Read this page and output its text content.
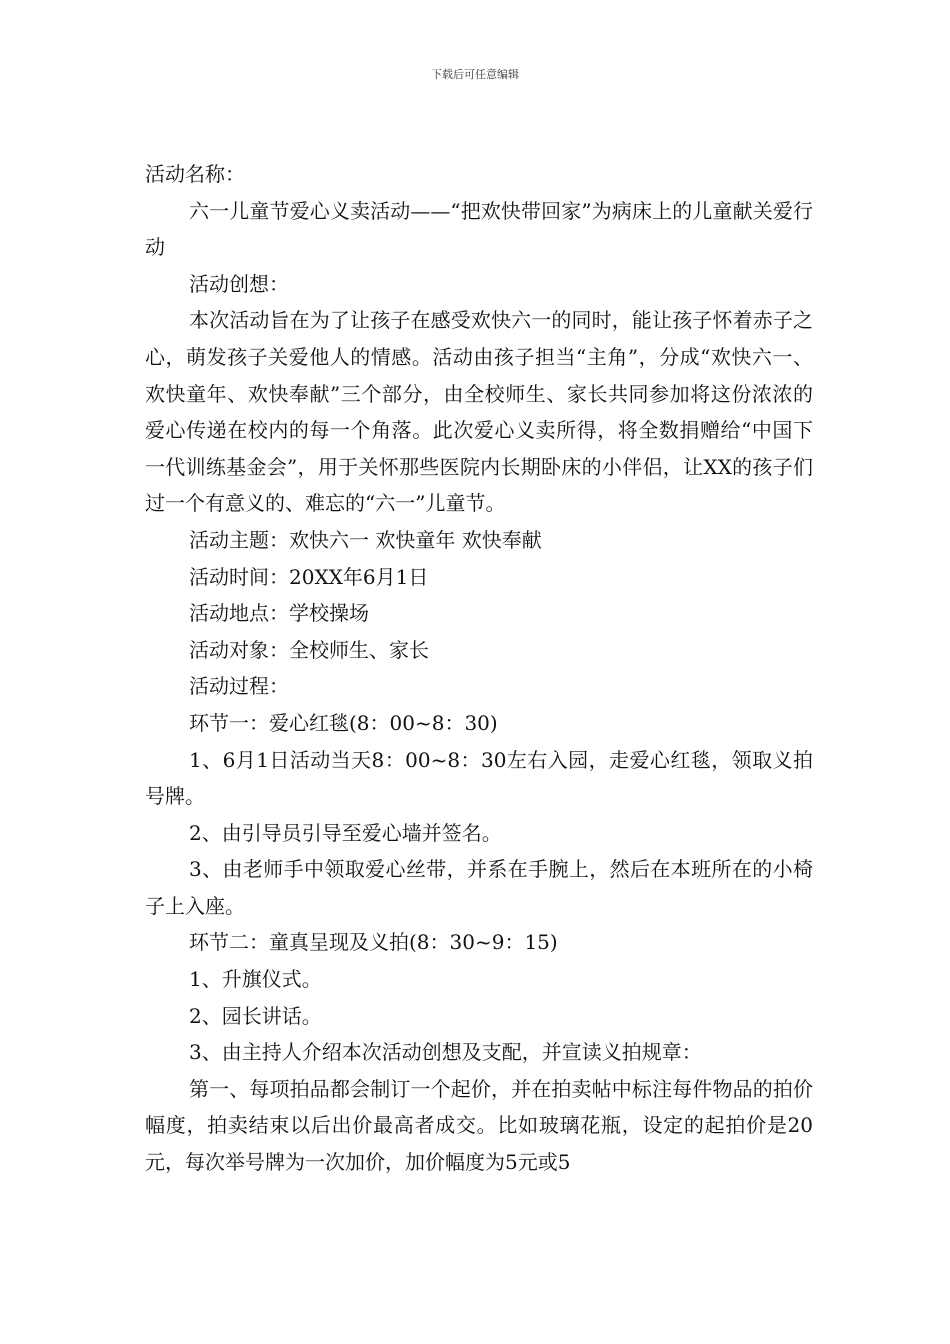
下载后可任意编辑

活动名称：

六一儿童节爱心义卖活动——“把欢快带回家”为病床上的儿童献关爱行动

活动创想：

本次活动旨在为了让孩子在感受欢快六一的同时，能让孩子怀着赤子之心，萌发孩子关爱他人的情感。活动由孩子担当“主角”，分成“欢快六一、欢快童年、欢快奉献”三个部分，由全校师生、家长共同参加将这份浓浓的爱心传递在校内的每一个角落。此次爱心义卖所得，将全数捐赠给“中国下一代训练基金会”，用于关怀那些医院内长期卧床的小伴侣，让XX的孩子们过一个有意义的、难忘的“六一”儿童节。

活动主题：欢快六一 欢快童年 欢快奉献

活动时间：20XX年6月1日

活动地点：学校操场

活动对象：全校师生、家长

活动过程：

环节一：爱心红毯(8：00~8：30)

1、6月1日活动当天8：00~8：30左右入园，走爱心红毯，领取义拍号牌。

2、由引导员引导至爱心墙并签名。

3、由老师手中领取爱心丝带，并系在手腕上，然后在本班所在的小椅子上入座。

环节二：童真呈现及义拍(8：30~9：15)

1、升旗仪式。

2、园长讲话。

3、由主持人介绍本次活动创想及支配，并宣读义拍规章：

第一、每项拍品都会制订一个起价，并在拍卖帖中标注每件物品的拍价幅度，拍卖结束以后出价最高者成交。比如玻璃花瓶，设定的起拍价是20元，每次举号牌为一次加价，加价幅度为5元或5
